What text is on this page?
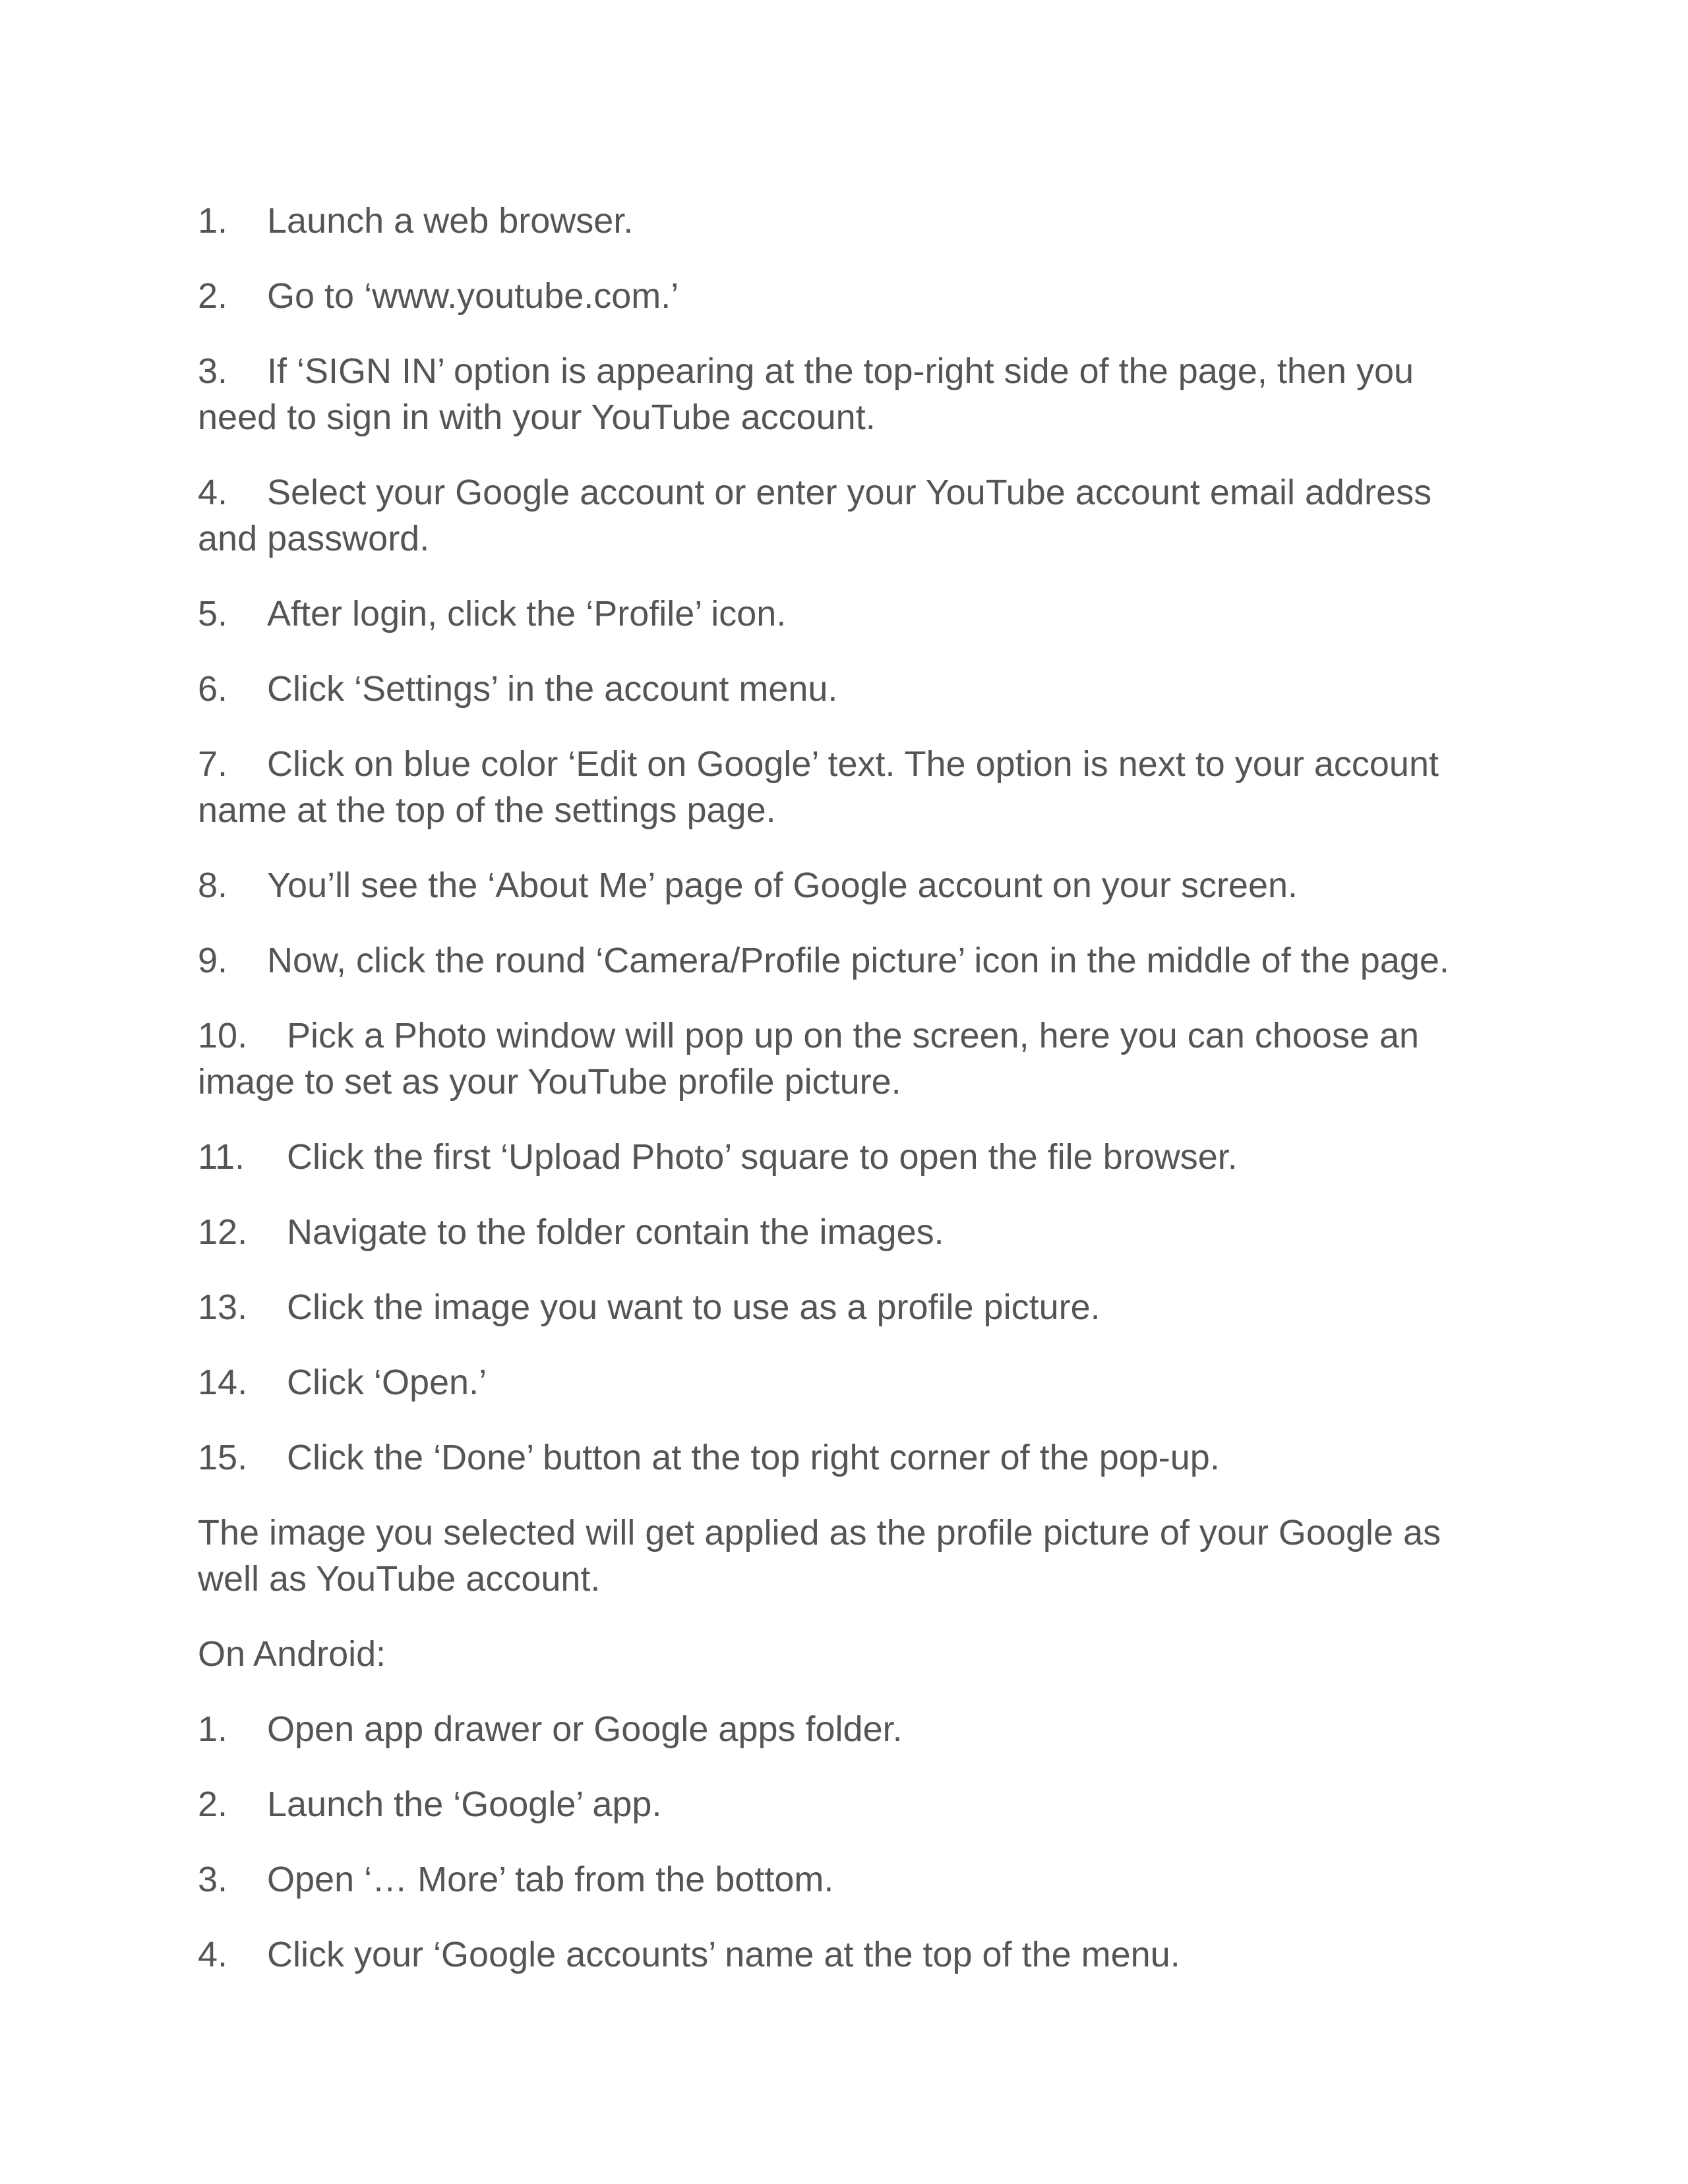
1. Launch a web browser.

2. Go to ‘www.youtube.com.’

3. If ‘SIGN IN’ option is appearing at the top-right side of the page, then you need to sign in with your YouTube account.

4. Select your Google account or enter your YouTube account email address and password.

5. After login, click the ‘Profile’ icon.

6. Click ‘Settings’ in the account menu.

7. Click on blue color ‘Edit on Google’ text. The option is next to your account name at the top of the settings page.

8. You’ll see the ‘About Me’ page of Google account on your screen.

9. Now, click the round ‘Camera/Profile picture’ icon in the middle of the page.

10. Pick a Photo window will pop up on the screen, here you can choose an image to set as your YouTube profile picture.

11. Click the first ‘Upload Photo’ square to open the file browser.

12. Navigate to the folder contain the images.

13. Click the image you want to use as a profile picture.

14. Click ‘Open.’

15. Click the ‘Done’ button at the top right corner of the pop-up.

The image you selected will get applied as the profile picture of your Google as well as YouTube account.

On Android:

1. Open app drawer or Google apps folder.

2. Launch the ‘Google’ app.

3. Open ‘… More’ tab from the bottom.

4. Click your ‘Google accounts’ name at the top of the menu.
